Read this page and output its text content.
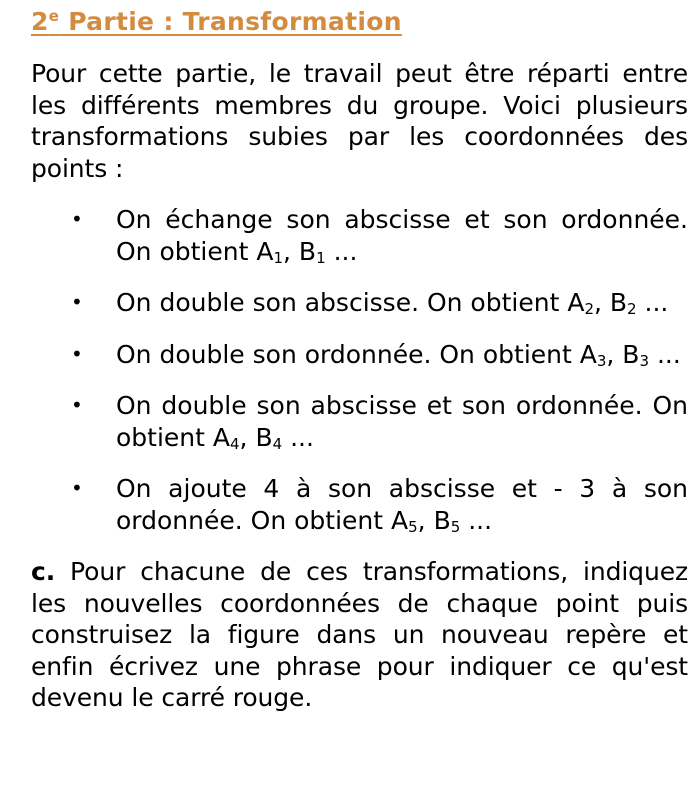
2e Partie : Transformation

Pour cette partie, le travail peut être réparti entre les différents membres du groupe. Voici plusieurs transformations subies par les coordonnées des points :

• On échange son abscisse et son ordonnée. On obtient $A_1$, $B_1$ ...
• On double son abscisse. On obtient $A_2$, $B_2$ ...
• On double son ordonnée. On obtient $A_3$, $B_3$ ...
• On double son abscisse et son ordonnée. On obtient $A_4$, $B_4$ ...
• On ajoute 4 à son abscisse et - 3 à son ordonnée. On obtient $A_5$, $B_5$ ...

c. Pour chacune de ces transformations, indiquez les nouvelles coordonnées de chaque point puis construisez la figure dans un nouveau repère et enfin écrivez une phrase pour indiquer ce qu'est devenu le carré rouge.
